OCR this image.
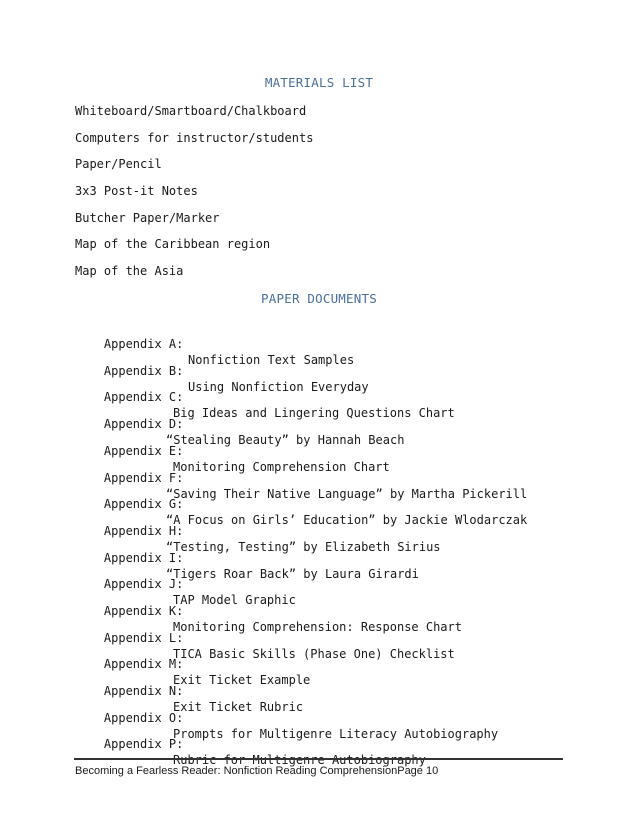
MATERIALS LIST
Whiteboard/Smartboard/Chalkboard
Computers for instructor/students
Paper/Pencil
3x3 Post-it Notes
Butcher Paper/Marker
Map of the Caribbean region
Map of the Asia
PAPER DOCUMENTS

Appendix A:

Nonfiction Text Samples

Appendix B:

Using Nonfiction Everyday

Appendix C:

Big Ideas and Lingering Questions Chart

Appendix D:

“Stealing Beauty” by Hannah Beach

Appendix E:

Monitoring Comprehension Chart

Appendix F:

“Saving Their Native Language” by Martha Pickerill

Appendix G:

“A Focus on Girls’ Education” by Jackie Wlodarczak

Appendix H:

“Testing, Testing” by Elizabeth Sirius

Appendix I:

“Tigers Roar Back” by Laura Girardi

Appendix J:

TAP Model Graphic

Appendix K:

Monitoring Comprehension: Response Chart

Appendix L:

TICA Basic Skills (Phase One) Checklist

Appendix M:

Exit Ticket Example

Appendix N:

Exit Ticket Rubric

Appendix O:

Prompts for Multigenre Literacy Autobiography

Appendix P:

Rubric for Multigenre Autobiography

Becoming a Fearless Reader: Nonfiction Reading ComprehensionPage 10
